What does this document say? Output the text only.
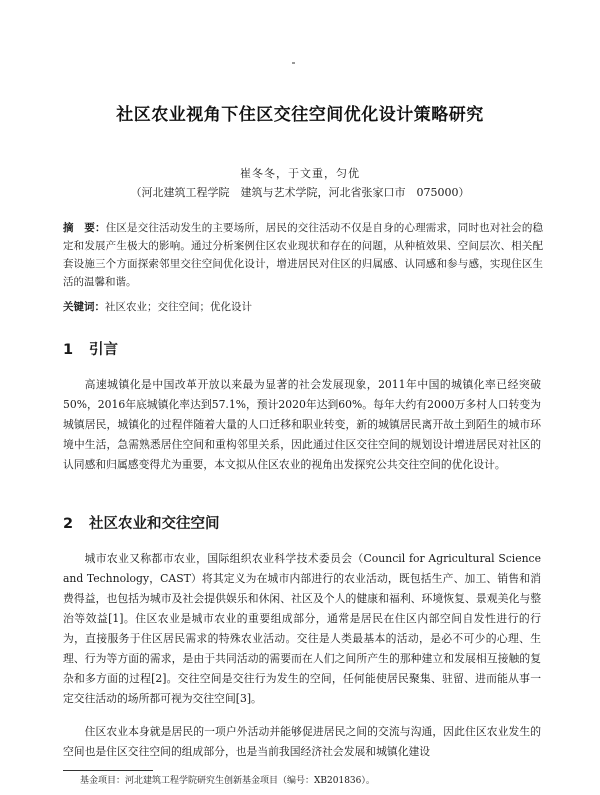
社区农业视角下住区交往空间优化设计策略研究
崔冬冬，于文重，匀优
（河北建筑工程学院　建筑与艺术学院，河北省张家口市　075000）
摘　要：住区是交往活动发生的主要场所，居民的交往活动不仅是自身的心理需求，同时也对社会的稳定和发展产生极大的影响。通过分析案例住区农业现状和存在的问题，从种植效果、空间层次、相关配套设施三个方面探索邻里交往空间优化设计，增进居民对住区的归属感、认同感和参与感，实现住区生活的温馨和谐。
关键词：社区农业；交往空间；优化设计
1 引言
高速城镇化是中国改革开放以来最为显著的社会发展现象，2011年中国的城镇化率已经突破50%，2016年底城镇化率达到57.1%，预计2020年达到60%。每年大约有2000万多村人口转变为城镇居民，城镇化的过程伴随着大量的人口迁移和职业转变，新的城镇居民离开故土到陌生的城市环境中生活，急需熟悉居住空间和重构邻里关系，因此通过住区交往空间的规划设计增进居民对社区的认同感和归属感变得尤为重要，本文拟从住区农业的视角出发探究公共交往空间的优化设计。
2 社区农业和交往空间
城市农业又称都市农业，国际组织农业科学技术委员会（Council for Agricultural Science and Technology，CAST）将其定义为在城市内部进行的农业活动，既包括生产、加工、销售和消费得益，也包括为城市及社会提供娱乐和休闲、社区及个人的健康和福利、环境恢复、景观美化与整治等效益[1]。住区农业是城市农业的重要组成部分，通常是居民在住区内部空间自发性进行的行为，直接服务于住区居民需求的特殊农业活动。交往是人类最基本的活动，是必不可少的心理、生理、行为等方面的需求，是由于共同活动的需要而在人们之间所产生的那种建立和发展相互接触的复杂和多方面的过程[2]。交往空间是交往行为发生的空间，任何能使居民聚集、驻留、进而能从事一定交往活动的场所都可视为交往空间[3]。
住区农业本身就是居民的一项户外活动并能够促进居民之间的交流与沟通，因此住区农业发生的空间也是住区交往空间的组成部分，也是当前我国经济社会发展和城镇化建设
基金项目：河北建筑工程学院研究生创新基金项目（编号：XB201836）。
